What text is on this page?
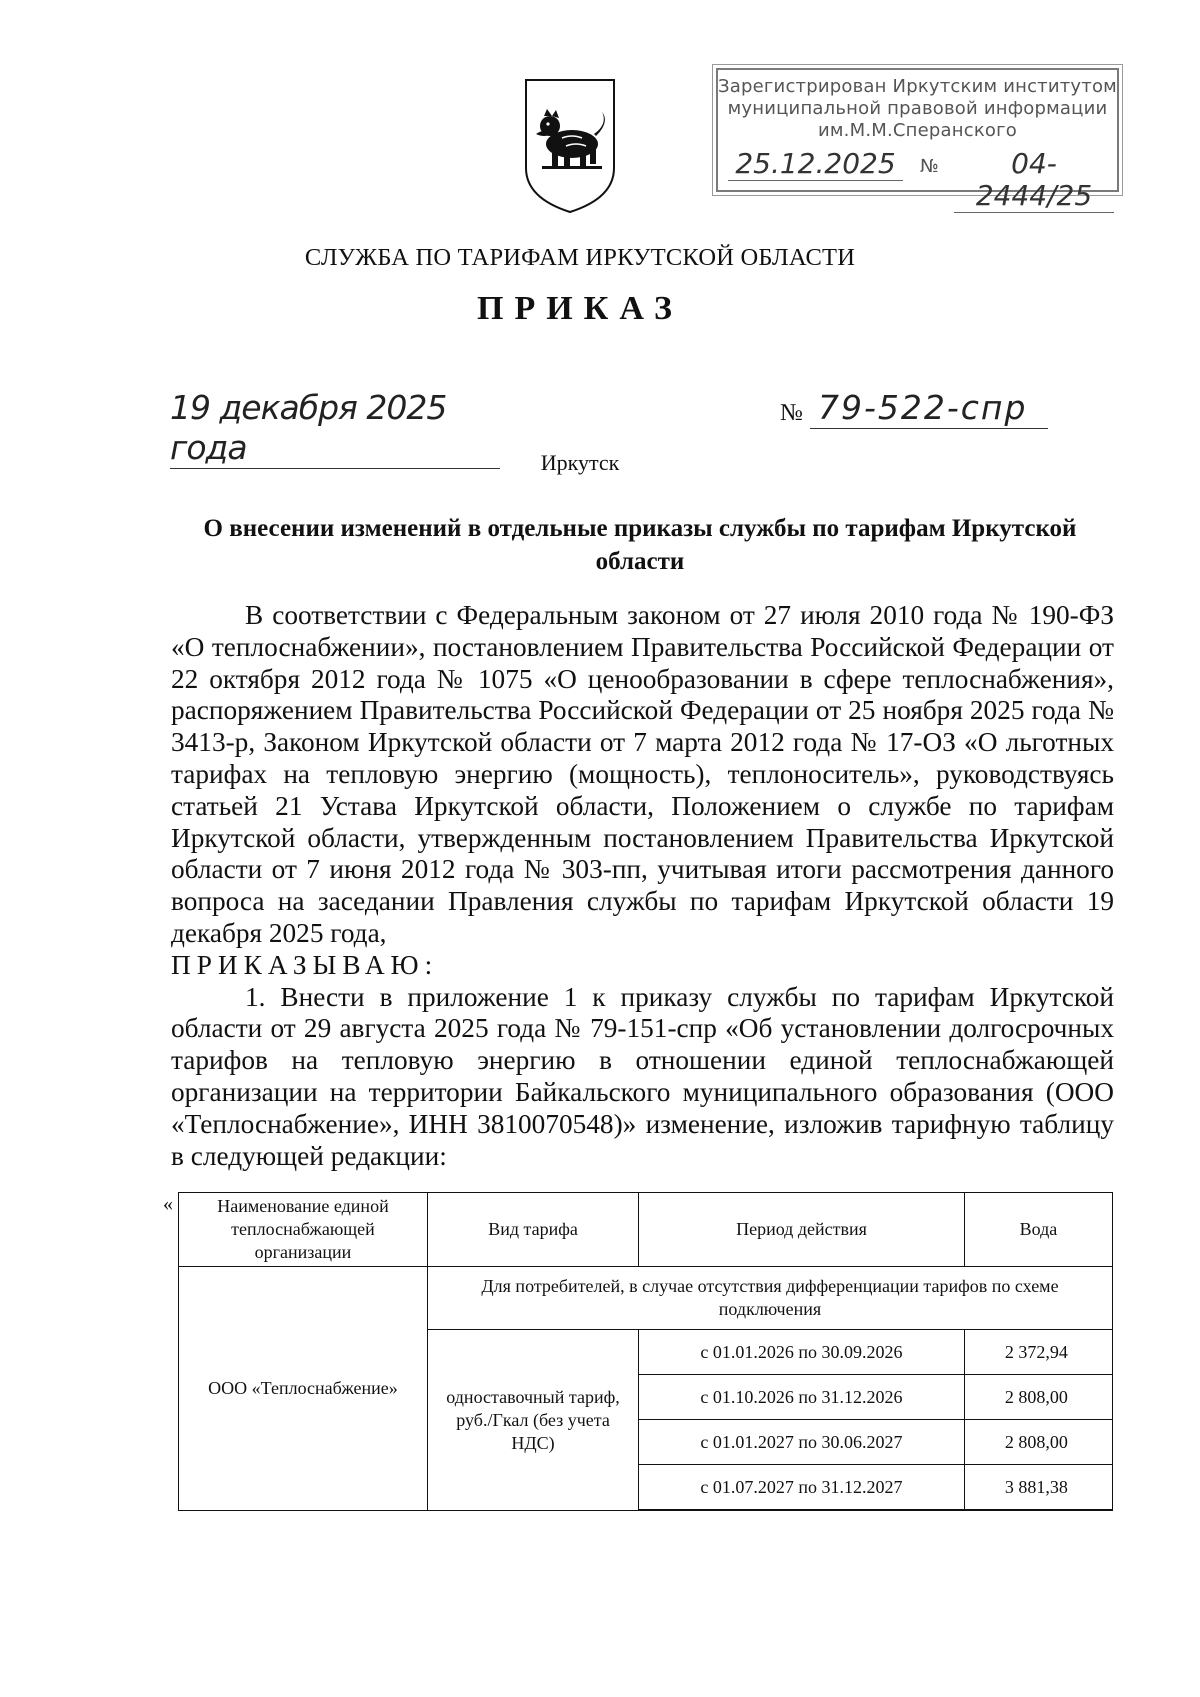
Зарегистрирован Иркутским институтом
муниципальной правовой информации
им.М.М.Сперанского
25.12.2025	№	04-2444/25
СЛУЖБА ПО ТАРИФАМ ИРКУТСКОЙ ОБЛАСТИ
ПРИКАЗ
19 декабря 2025 года
№ 79-522-спр
Иркутск
О внесении изменений в отдельные приказы службы по тарифам Иркутской области

В соответствии с Федеральным законом от 27 июля 2010 года № 190-ФЗ «О теплоснабжении», постановлением Правительства Российской Федерации от 22 октября 2012 года № 1075 «О ценообразовании в сфере теплоснабжения», распоряжением Правительства Российской Федерации от 25 ноября 2025 года № 3413-р, Законом Иркутской области от 7 марта 2012 года № 17-ОЗ «О льготных тарифах на тепловую энергию (мощность), теплоноситель», руководствуясь статьей 21 Устава Иркутской области, Положением о службе по тарифам Иркутской области, утвержденным постановлением Правительства Иркутской области от 7 июня 2012 года № 303-пп, учитывая итоги рассмотрения данного вопроса на заседании Правления службы по тарифам Иркутской области 19 декабря 2025 года,

ПРИКАЗЫВАЮ:

1. Внести в приложение 1 к приказу службы по тарифам Иркутской области от 29 августа 2025 года № 79-151-спр «Об установлении долгосрочных тарифов на тепловую энергию в отношении единой теплоснабжающей организации на территории Байкальского муниципального образования (ООО «Теплоснабжение», ИНН 3810070548)» изменение, изложив тарифную таблицу в следующей редакции:

« Наименование единой теплоснабжающей организации	Вид тарифа	Период действия	Вода
ООО «Теплоснабжение»	Для потребителей, в случае отсутствия дифференциации тарифов по схеме подключения		
	одноставочный тариф, руб./Гкал (без учета НДС)	с 01.01.2026 по 30.09.2026	2 372,94
		с 01.10.2026 по 31.12.2026	2 808,00
		с 01.01.2027 по 30.06.2027	2 808,00
		с 01.07.2027 по 31.12.2027	3 881,38
